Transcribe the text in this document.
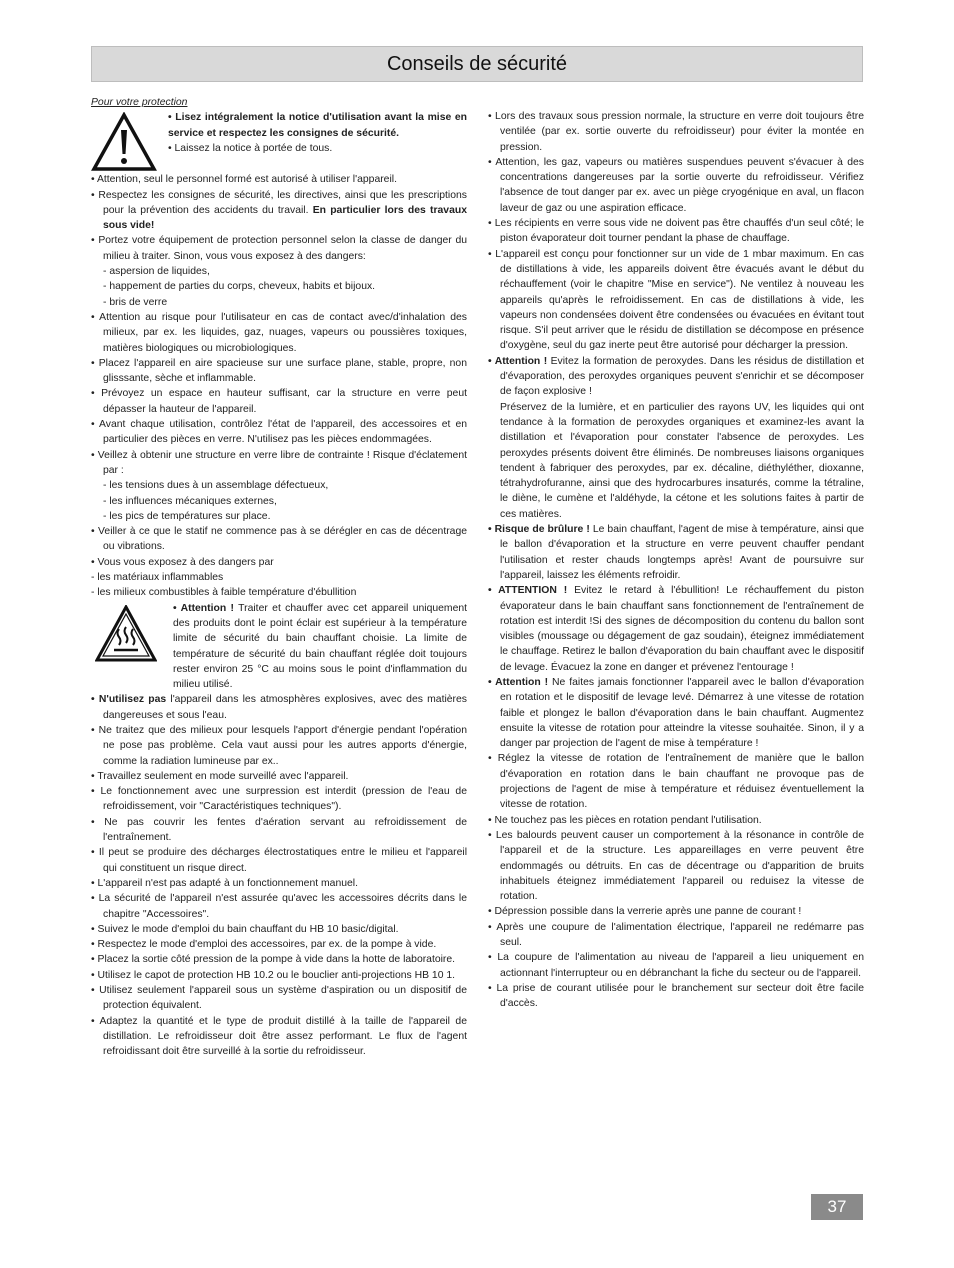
Conseils de sécurité

Pour votre protection

• Lisez intégralement la notice d'utilisation avant la mise en service et respectez les consignes de sécurité.

• Laissez la notice à portée de tous.

• Attention, seul le personnel formé est autorisé à utiliser l'appareil.

• Respectez les consignes de sécurité, les directives, ainsi que les prescriptions pour la prévention des accidents du travail. En particulier lors des travaux sous vide!

• Portez votre équipement de protection personnel selon la classe de danger du milieu à traiter. Sinon, vous vous exposez à des dangers:

- aspersion de liquides,

- happement de parties du corps, cheveux, habits et bijoux.

- bris de verre

• Attention au risque pour l'utilisateur en cas de contact avec/d'inhalation des milieux, par ex. les liquides, gaz, nuages, vapeurs ou poussières toxiques, matières biologiques ou microbiologiques.

• Placez l'appareil en aire spacieuse sur une surface plane, stable, propre, non glisssante, sèche et inflammable.

• Prévoyez un espace en hauteur suffisant, car la structure en verre peut dépasser la hauteur de l'appareil.

• Avant chaque utilisation, contrôlez l'état de l'appareil, des accessoires et en particulier des pièces en verre. N'utilisez pas les pièces endommagées.

• Veillez à obtenir une structure en verre libre de contrainte ! Risque d'éclatement par :

- les tensions dues à un assemblage défectueux,

- les influences mécaniques externes,

- les pics de températures sur place.

• Veiller à ce que le statif ne commence pas à se dérégler en cas de décentrage ou vibrations.

• Vous vous exposez à des dangers par

- les matériaux inflammables

- les milieux combustibles à faible température d'ébullition

• Attention ! Traiter et chauffer avec cet appareil uniquement des produits dont le point éclair est supérieur à la température limite de sécurité du bain chauffant choisie. La limite de température de sécurité du bain chauffant réglée doit toujours rester environ 25 °C au moins sous le point d'inflammation du milieu utilisé.

• N'utilisez pas l'appareil dans les atmosphères explosives, avec des matières dangereuses et sous l'eau.

• Ne traitez que des milieux pour lesquels l'apport d'énergie pendant l'opération ne pose pas problème. Cela vaut aussi pour les autres apports d'énergie, comme la radiation lumineuse par ex..

• Travaillez seulement en mode surveillé avec l'appareil.

• Le fonctionnement avec une surpression est interdit (pression de l'eau de refroidissement, voir "Caractéristiques techniques").

• Ne pas couvrir les fentes d'aération servant au refroidissement de l'entraînement.

• Il peut se produire des décharges électrostatiques entre le milieu et l'appareil qui constituent un risque direct.

• L'appareil n'est pas adapté à un fonctionnement manuel.

• La sécurité de l'appareil n'est assurée qu'avec les accessoires décrits dans le chapitre "Accessoires".

• Suivez le mode d'emploi du bain chauffant du HB 10 basic/digital.

• Respectez le mode d'emploi des accessoires, par ex. de la pompe à vide.

• Placez la sortie côté pression de la pompe à vide dans la hotte de laboratoire.

• Utilisez le capot de protection HB 10.2 ou le bouclier anti-projections HB 10 1.

• Utilisez seulement l'appareil sous un système d'aspiration ou un dispositif de protection équivalent.

• Adaptez la quantité et le type de produit distillé à la taille de l'appareil de distillation. Le refroidisseur doit être assez performant. Le flux de l'agent refroidissant doit être surveillé à la sortie du refroidisseur.

• Lors des travaux sous pression normale, la structure en verre doit toujours être ventilée (par ex. sortie ouverte du refroidisseur) pour éviter la montée en pression.

• Attention, les gaz, vapeurs ou matières suspendues peuvent s'évacuer à des concentrations dangereuses par la sortie ouverte du refroidisseur. Vérifiez l'absence de tout danger par ex. avec un piège cryogénique en aval, un flacon laveur de gaz ou une aspiration efficace.

• Les récipients en verre sous vide ne doivent pas être chauffés d'un seul côté; le piston évaporateur doit tourner pendant la phase de chauffage.

• L'appareil est conçu pour fonctionner sur un vide de 1 mbar maximum. En cas de distillations à vide, les appareils doivent être évacués avant le début du réchauffement (voir le chapitre "Mise en service"). Ne ventilez à nouveau les appareils qu'après le refroidissement. En cas de distillations à vide, les vapeurs non condensées doivent être condensées ou évacuées en évitant tout risque. S'il peut arriver que le résidu de distillation se décompose en présence d'oxygène, seul du gaz inerte peut être autorisé pour décharger la pression.

• Attention ! Evitez la formation de peroxydes. Dans les résidus de distillation et d'évaporation, des peroxydes organiques peuvent s'enrichir et se décomposer de façon explosive !

Préservez de la lumière, et en particulier des rayons UV, les liquides qui ont tendance à la formation de peroxydes organiques et examinez-les avant la distillation et l'évaporation pour constater l'absence de peroxydes. Les peroxydes présents doivent être éliminés. De nombreuses liaisons organiques tendent à fabriquer des peroxydes, par ex. décaline, diéthyléther, dioxanne, tétrahydrofuranne, ainsi que des hydrocarbures insaturés, comme la tétraline, le diène, le cumène et l'aldéhyde, la cétone et les solutions faites à partir de ces matières.

• Risque de brûlure ! Le bain chauffant, l'agent de mise à température, ainsi que le ballon d'évaporation et la structure en verre peuvent chauffer pendant l'utilisation et rester chauds longtemps après! Avant de poursuivre sur l'appareil, laissez les éléments refroidir.

• ATTENTION ! Evitez le retard à l'ébullition! Le réchauffement du piston évaporateur dans le bain chauffant sans fonctionnement de l'entraînement de rotation est interdit !Si des signes de décomposition du contenu du ballon sont visibles (moussage ou dégagement de gaz soudain), éteignez immédiatement le chauffage. Retirez le ballon d'évaporation du bain chauffant avec le dispositif de levage. Évacuez la zone en danger et prévenez l'entourage !

• Attention ! Ne faites jamais fonctionner l'appareil avec le ballon d'évaporation en rotation et le dispositif de levage levé. Démarrez à une vitesse de rotation faible et plongez le ballon d'évaporation dans le bain chauffant. Augmentez ensuite la vitesse de rotation pour atteindre la vitesse souhaitée. Sinon, il y a danger par projection de l'agent de mise à température !

• Réglez la vitesse de rotation de l'entraînement de manière que le ballon d'évaporation en rotation dans le bain chauffant ne provoque pas de projections de l'agent de mise à température et réduisez éventuellement la vitesse de rotation.

• Ne touchez pas les pièces en rotation pendant l'utilisation.

• Les balourds peuvent causer un comportement à la résonance in contrôle de l'appareil et de la structure. Les appareillages en verre peuvent être endommagés ou détruits. En cas de décentrage ou d'apparition de bruits inhabituels éteignez immédiatement l'appareil ou reduisez la vitesse de rotation.

• Dépression possible dans la verrerie après une panne de courant !

• Après une coupure de l'alimentation électrique, l'appareil ne redémarre pas seul.

• La coupure de l'alimentation au niveau de l'appareil a lieu uniquement en actionnant l'interrupteur ou en débranchant la fiche du secteur ou de l'appareil.

• La prise de courant utilisée pour le branchement sur secteur doit être facile d'accès.

37
